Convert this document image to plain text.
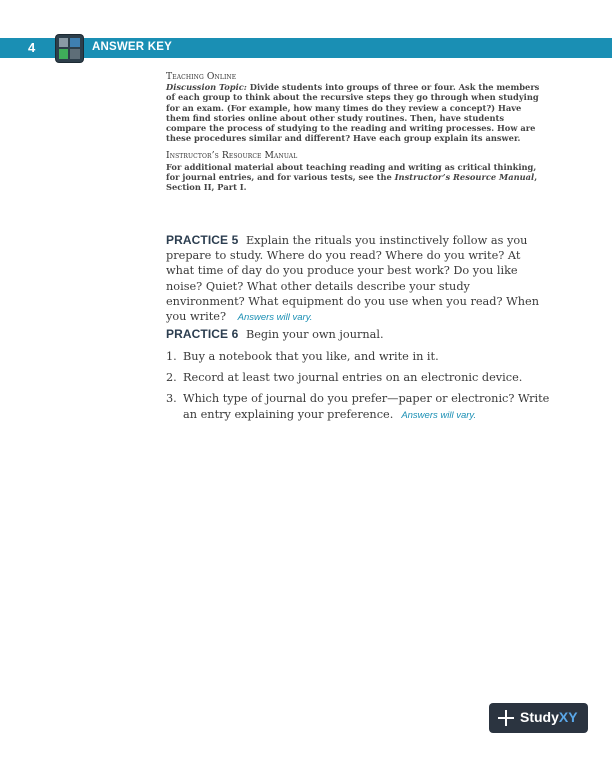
4	ANSWER KEY

Teaching Online

Discussion Topic: Divide students into groups of three or four. Ask the members of each group to think about the recursive steps they go through when studying for an exam. (For example, how many times do they review a concept?) Have them find stories online about other study routines. Then, have students compare the process of studying to the reading and writing processes. How are these procedures similar and different? Have each group explain its answer.

Instructor’s Resource Manual

For additional material about teaching reading and writing as critical thinking, for journal entries, and for various tests, see the Instructor’s Resource Manual, Section II, Part I.

PRACTICE 5 Explain the rituals you instinctively follow as you prepare to study. Where do you read? Where do you write? At what time of day do you produce your best work? Do you like noise? Quiet? What other details describe your study environment? What equipment do you use when you read? When you write? Answers will vary.
PRACTICE 6 Begin your own journal.
1. Buy a notebook that you like, and write in it.
2. Record at least two journal entries on an electronic device.
3. Which type of journal do you prefer—paper or electronic? Write an entry explaining your preference. Answers will vary.
StudyXY
